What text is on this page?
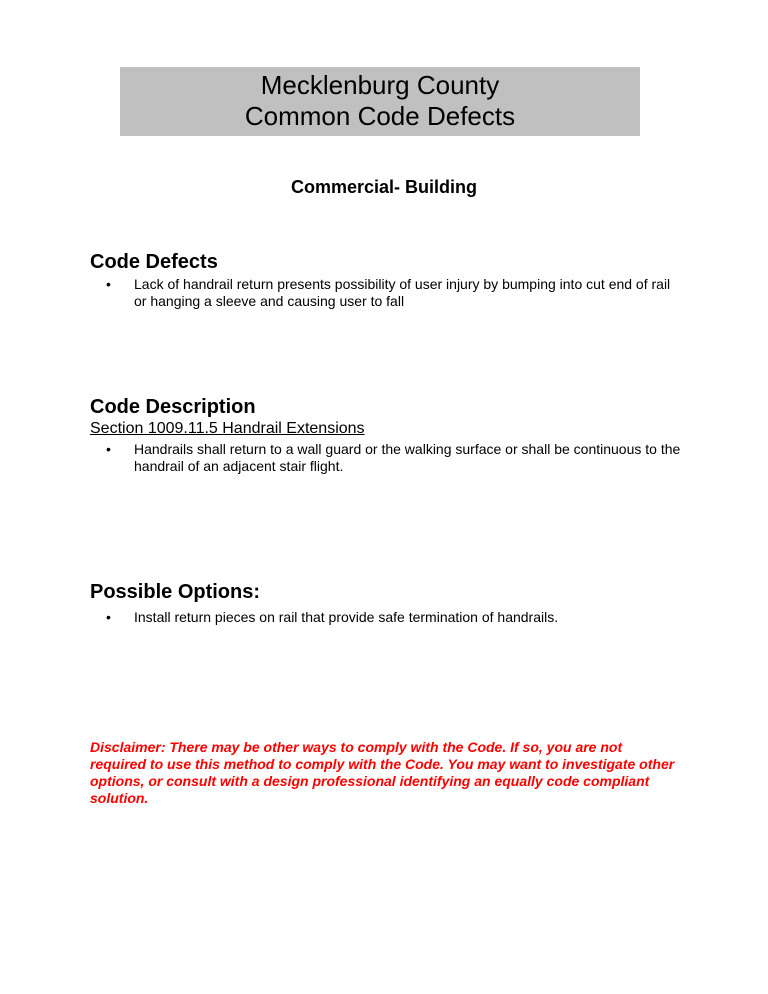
Mecklenburg County
Common Code Defects
Commercial- Building
Code Defects
•	Lack of handrail return presents possibility of user injury by bumping into cut end of rail or hanging a sleeve and causing user to fall
Code Description
Section 1009.11.5 Handrail Extensions
•	Handrails shall return to a wall guard or the walking surface or shall be continuous to the handrail of an adjacent stair flight.
Possible Options:
•	Install return pieces on rail that provide safe termination of handrails.
Disclaimer: There may be other ways to comply with the Code. If so, you are not required to use this method to comply with the Code. You may want to investigate other options, or consult with a design professional identifying an equally code compliant solution.
